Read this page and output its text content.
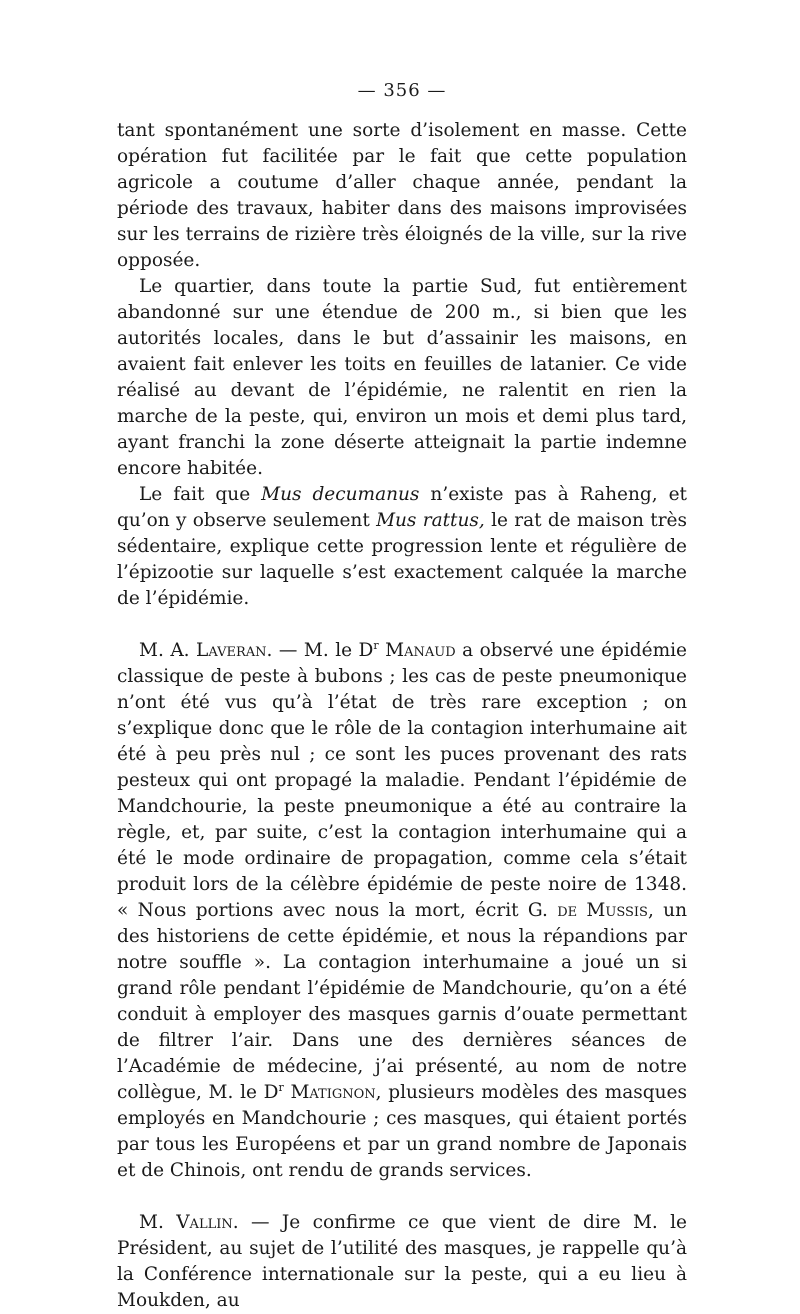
— 356 —

tant spontanément une sorte d’isolement en masse. Cette opération fut facilitée par le fait que cette population agricole a coutume d’aller chaque année, pendant la période des travaux, habiter dans des maisons improvisées sur les terrains de rizière très éloignés de la ville, sur la rive opposée.

Le quartier, dans toute la partie Sud, fut entièrement abandonné sur une étendue de 200 m., si bien que les autorités locales, dans le but d’assainir les maisons, en avaient fait enlever les toits en feuilles de latanier. Ce vide réalisé au devant de l’épidémie, ne ralentit en rien la marche de la peste, qui, environ un mois et demi plus tard, ayant franchi la zone déserte atteignait la partie indemne encore habitée.

Le fait que Mus decumanus n’existe pas à Raheng, et qu’on y observe seulement Mus rattus, le rat de maison très sédentaire, explique cette progression lente et régulière de l’épizootie sur laquelle s’est exactement calquée la marche de l’épidémie.

M. A. Laveran. — M. le $D^r$ Manaud a observé une épidémie classique de peste à bubons ; les cas de peste pneumonique n’ont été vus qu’à l’état de très rare exception ; on s’explique donc que le rôle de la contagion interhumaine ait été à peu près nul ; ce sont les puces provenant des rats pesteux qui ont propagé la maladie. Pendant l’épidémie de Mandchourie, la peste pneumonique a été au contraire la règle, et, par suite, c’est la contagion interhumaine qui a été le mode ordinaire de propagation, comme cela s’était produit lors de la célèbre épidémie de peste noire de 1348. « Nous portions avec nous la mort, écrit G. de Mussis, un des historiens de cette épidémie, et nous la répandions par notre souffle ». La contagion interhumaine a joué un si grand rôle pendant l’épidémie de Mandchourie, qu’on a été conduit à employer des masques garnis d’ouate permettant de filtrer l’air. Dans une des dernières séances de l’Académie de médecine, j’ai présenté, au nom de notre collègue, M. le $D^r$ Matignon, plusieurs modèles des masques employés en Mandchourie ; ces masques, qui étaient portés par tous les Européens et par un grand nombre de Japonais et de Chinois, ont rendu de grands services.

M. Vallin. — Je confirme ce que vient de dire M. le Président, au sujet de l’utilité des masques, je rappelle qu’à la Conférence internationale sur la peste, qui a eu lieu à Moukden, au
